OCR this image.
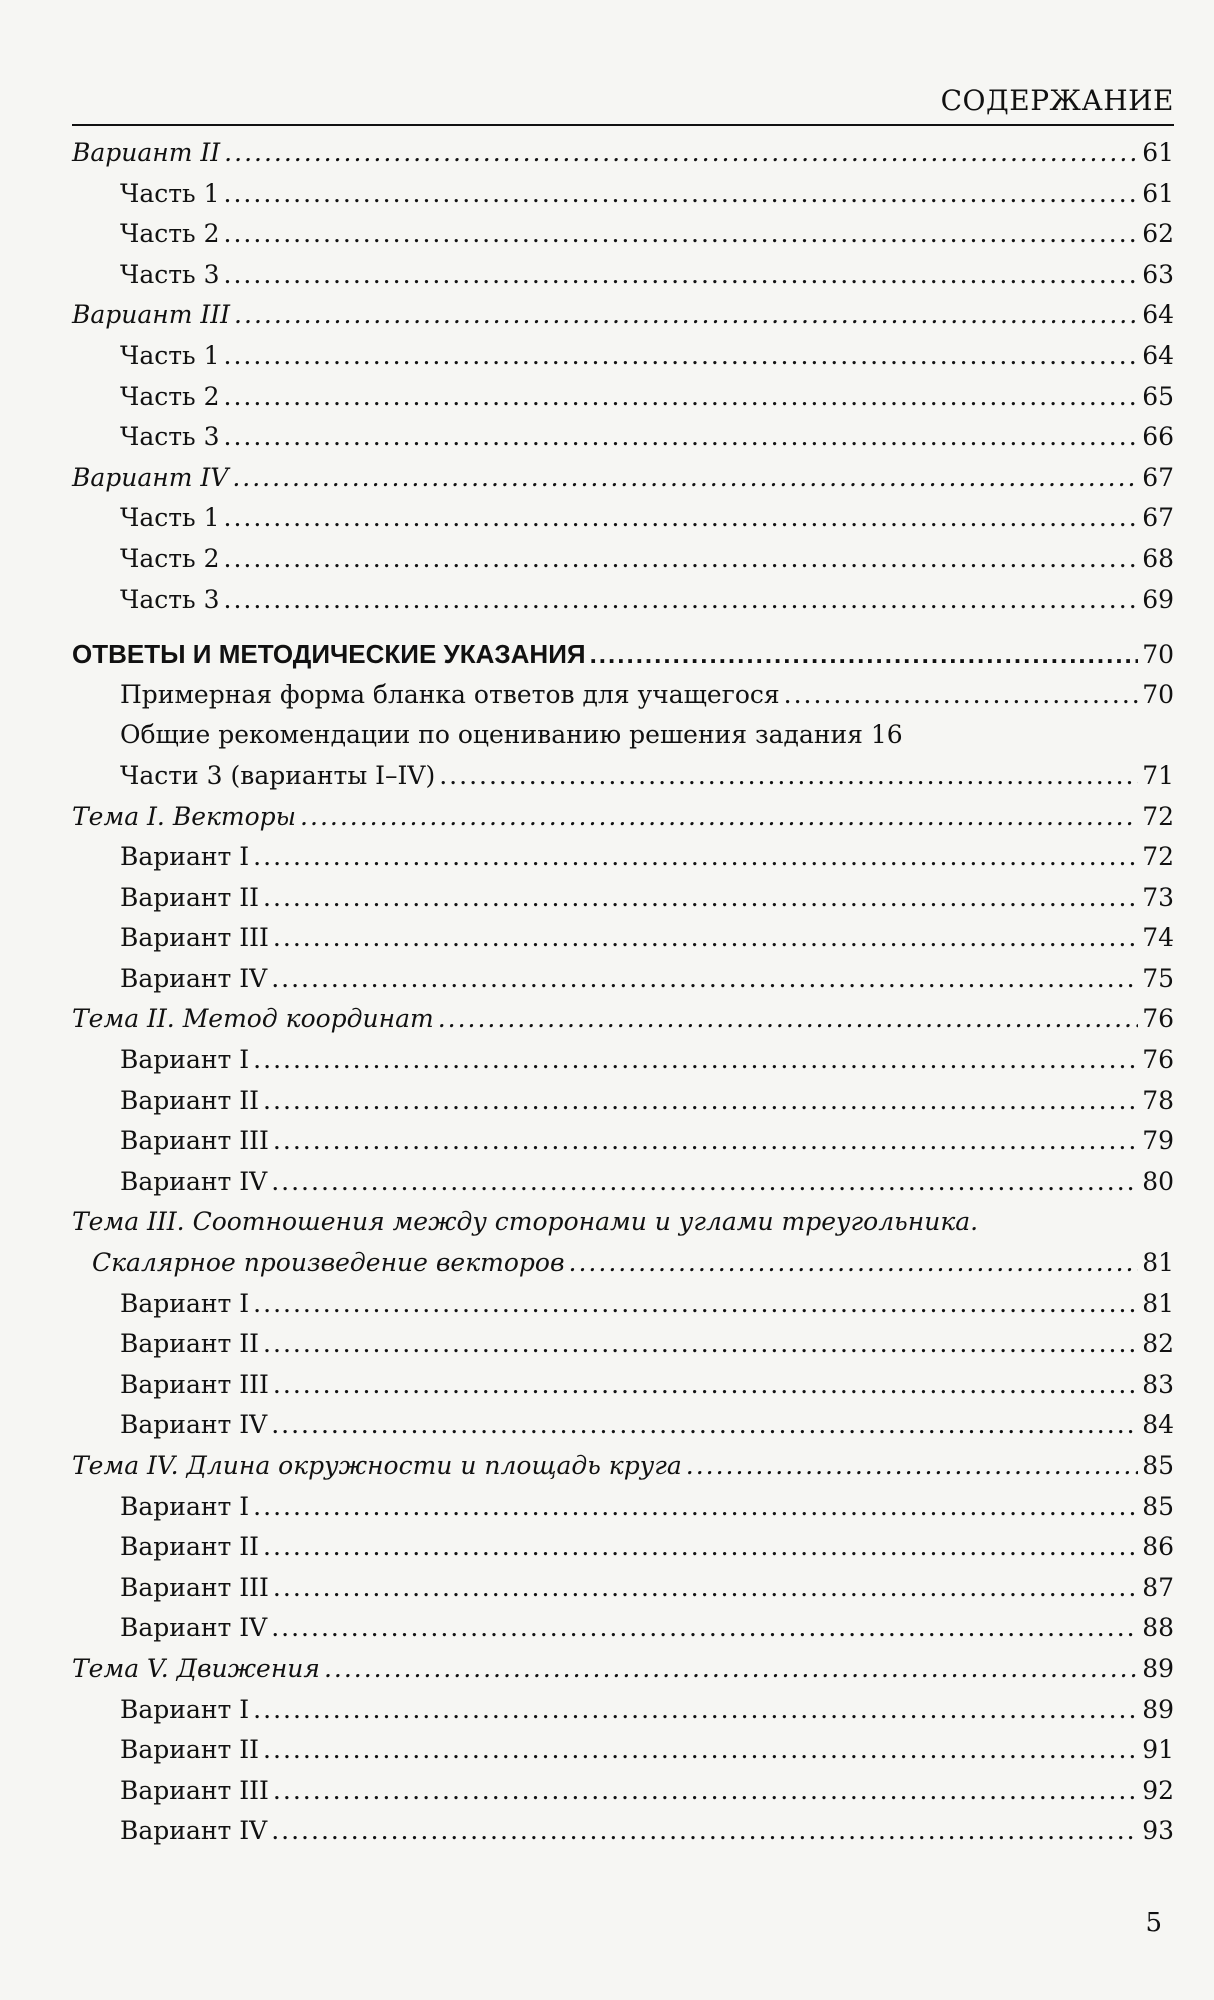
СОДЕРЖАНИЕ
Вариант II .....	61
Часть 1 .....	61
Часть 2 .....	62
Часть 3 .....	63
Вариант III .....	64
Часть 1 .....	64
Часть 2 .....	65
Часть 3 .....	66
Вариант IV .....	67
Часть 1 .....	67
Часть 2 .....	68
Часть 3 .....	69
ОТВЕТЫ И МЕТОДИЧЕСКИЕ УКАЗАНИЯ .....	70
Примерная форма бланка ответов для учащегося .....	70
Общие рекомендации по оцениванию решения задания 16
Части 3 (варианты I–IV) .....	71
Тема I. Векторы .....	72
Вариант I .....	72
Вариант II .....	73
Вариант III .....	74
Вариант IV .....	75
Тема II. Метод координат .....	76
Вариант I .....	76
Вариант II .....	78
Вариант III .....	79
Вариант IV .....	80
Тема III. Соотношения между сторонами и углами треугольника.
Скалярное произведение векторов .....	81
Вариант I .....	81
Вариант II .....	82
Вариант III .....	83
Вариант IV .....	84
Тема IV. Длина окружности и площадь круга .....	85
Вариант I .....	85
Вариант II .....	86
Вариант III .....	87
Вариант IV .....	88
Тема V. Движения .....	89
Вариант I .....	89
Вариант II .....	91
Вариант III .....	92
Вариант IV .....	93
5
